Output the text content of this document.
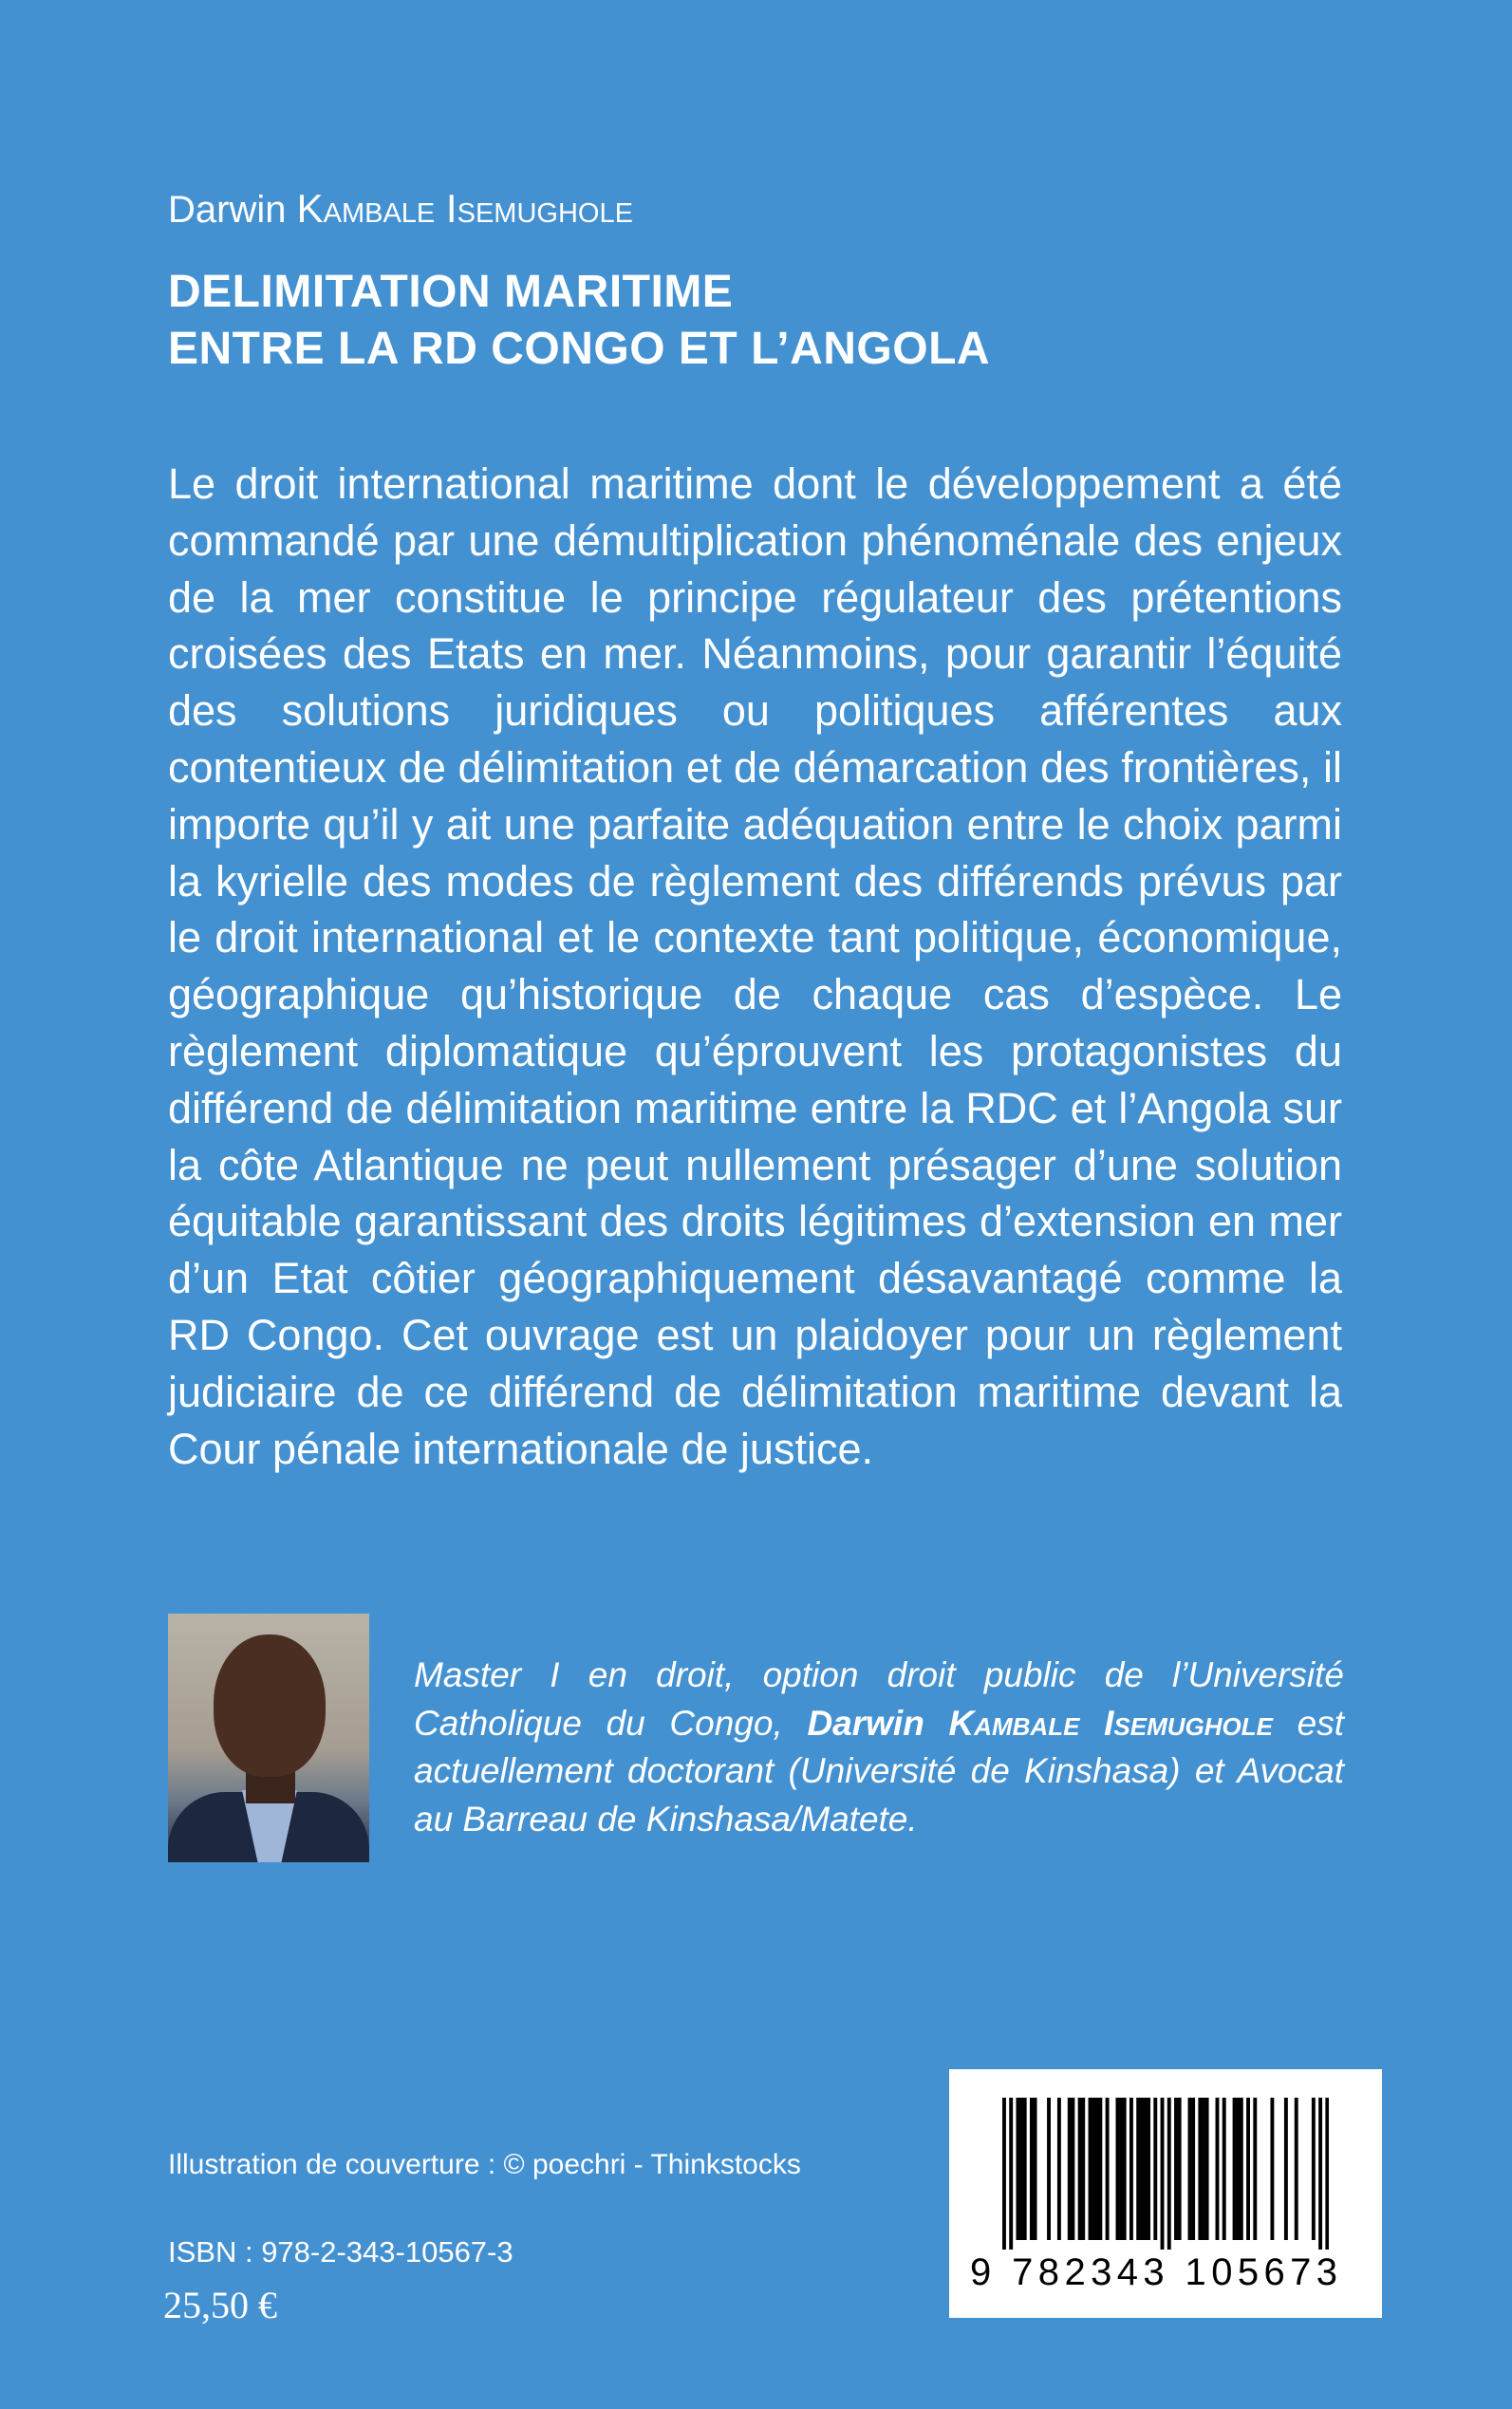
Darwin Kambale Isemughole
DELIMITATION MARITIME
ENTRE LA RD CONGO ET L’ANGOLA

Le droit international maritime dont le développement a été commandé par une démultiplication phénoménale des enjeux de la mer constitue le principe régulateur des prétentions croisées des Etats en mer. Néanmoins, pour garantir l’équité des solutions juridiques ou politiques afférentes aux contentieux de délimitation et de démarcation des frontières, il importe qu’il y ait une parfaite adéquation entre le choix parmi la kyrielle des modes de règlement des différends prévus par le droit international et le contexte tant politique, économique, géographique qu’historique de chaque cas d’espèce. Le règlement diplomatique qu’éprouvent les protagonistes du différend de délimitation maritime entre la RDC et l’Angola sur la côte Atlantique ne peut nullement présager d’une solution équitable garantissant des droits légitimes d’extension en mer d’un Etat côtier géographiquement désavantagé comme la RD Congo. Cet ouvrage est un plaidoyer pour un règlement judiciaire de ce différend de délimitation maritime devant la Cour pénale internationale de justice.

Master I en droit, option droit public de l’Université Catholique du Congo, Darwin Kambale Isemughole est actuellement doctorant (Université de Kinshasa) et Avocat au Barreau de Kinshasa/Matete.

Illustration de couverture : © poechri - Thinkstocks
ISBN : 978-2-343-10567-3
25,50 €
9 782343 105673
